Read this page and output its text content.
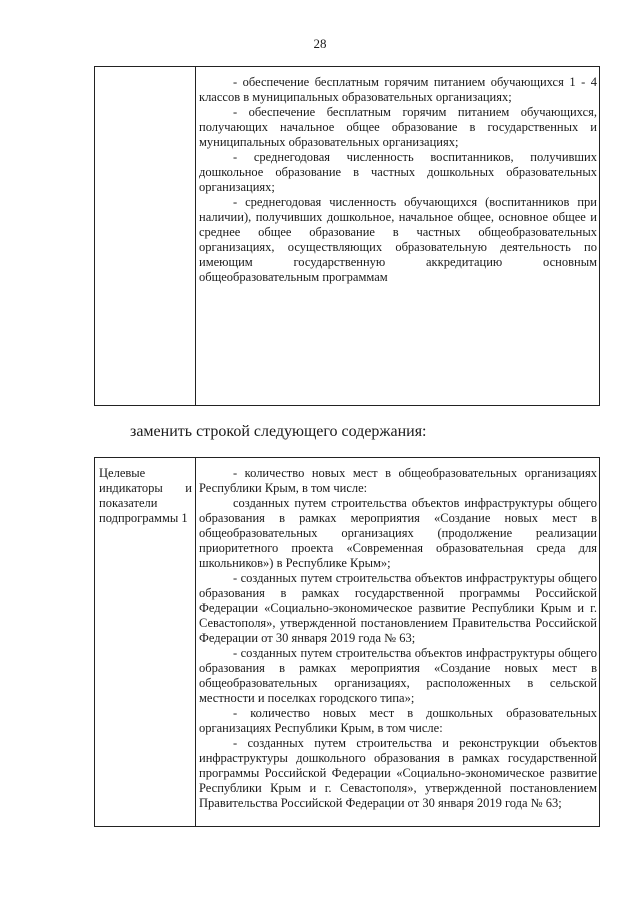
28

- обеспечение бесплатным горячим питанием обучающихся 1 - 4 классов в муниципальных образовательных организациях;

- обеспечение бесплатным горячим питанием обучающихся, получающих начальное общее образование в государственных и муниципальных образовательных организациях;

- среднегодовая численность воспитанников, получивших дошкольное образование в частных дошкольных образовательных организациях;

- среднегодовая численность обучающихся (воспитанников при наличии), получивших дошкольное, начальное общее, основное общее и среднее общее образование в частных общеобразовательных организациях, осуществляющих образовательную деятельность по имеющим государственную аккредитацию основным общеобразовательным программам

заменить строкой следующего содержания:
Целевые индикаторы и показатели подпрограммы 1

- количество новых мест в общеобразовательных организациях Республики Крым, в том числе:

созданных путем строительства объектов инфраструктуры общего образования в рамках мероприятия «Создание новых мест в общеобразовательных организациях (продолжение реализации приоритетного проекта «Современная образовательная среда для школьников») в Республике Крым»;

- созданных путем строительства объектов инфраструктуры общего образования в рамках государственной программы Российской Федерации «Социально-экономическое развитие Республики Крым и г. Севастополя», утвержденной постановлением Правительства Российской Федерации от 30 января 2019 года № 63;

- созданных путем строительства объектов инфраструктуры общего образования в рамках мероприятия «Создание новых мест в общеобразовательных организациях, расположенных в сельской местности и поселках городского типа»;

- количество новых мест в дошкольных образовательных организациях Республики Крым, в том числе:

- созданных путем строительства и реконструкции объектов инфраструктуры дошкольного образования в рамках государственной программы Российской Федерации «Социально-экономическое развитие Республики Крым и г. Севастополя», утвержденной постановлением Правительства Российской Федерации от 30 января 2019 года № 63;
